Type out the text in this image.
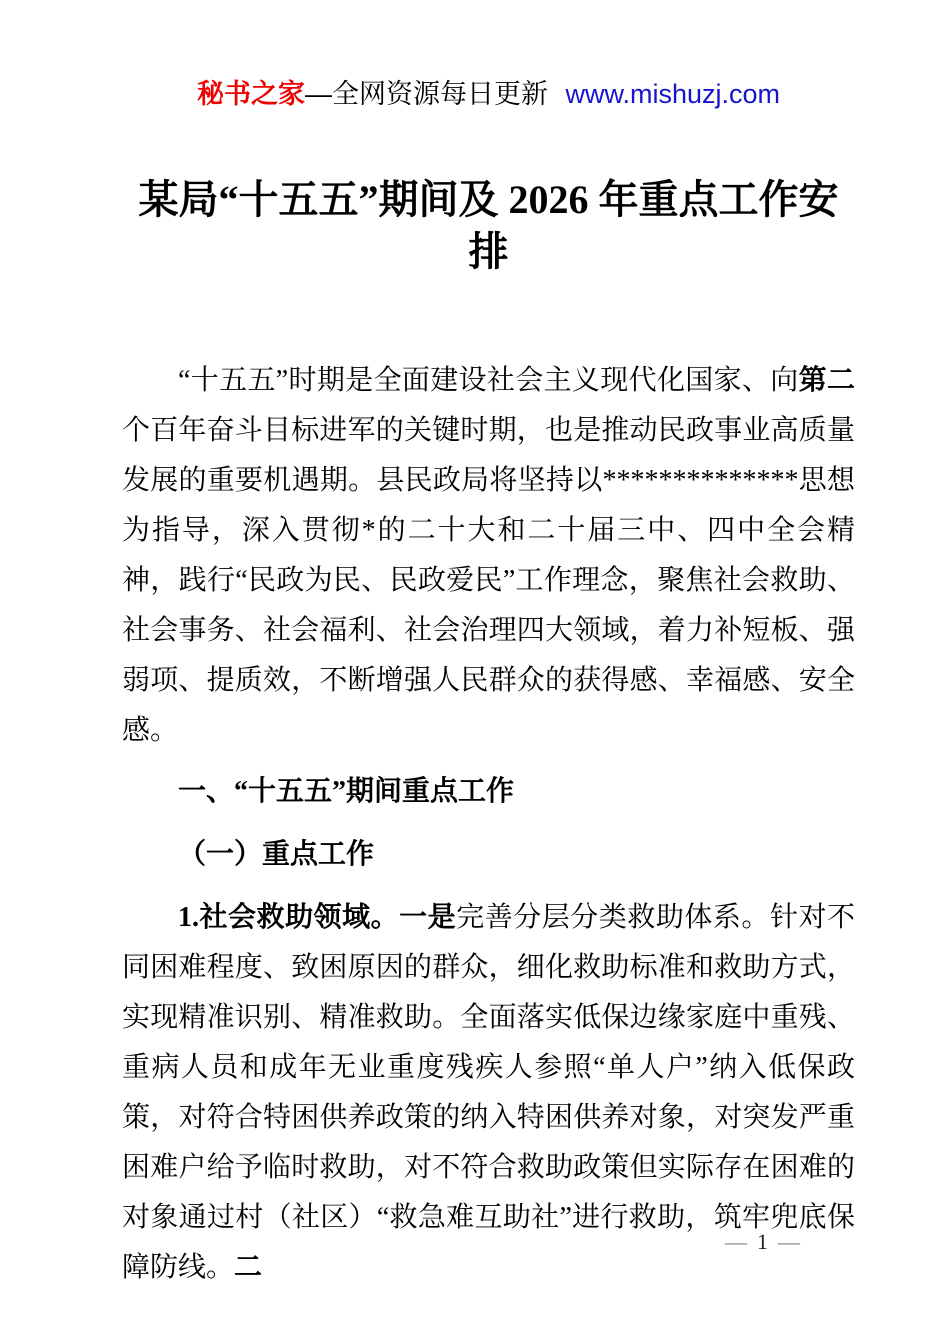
秘书之家—全网资源每日更新 www.mishuzj.com
某局“十五五”期间及 2026 年重点工作安排

“十五五”时期是全面建设社会主义现代化国家、向第二个百年奋斗目标进军的关键时期，也是推动民政事业高质量发展的重要机遇期。县民政局将坚持以**************思想为指导，深入贯彻*的二十大和二十届三中、四中全会精神，践行“民政为民、民政爱民”工作理念，聚焦社会救助、社会事务、社会福利、社会治理四大领域，着力补短板、强弱项、提质效，不断增强人民群众的获得感、幸福感、安全感。

一、“十五五”期间重点工作

（一）重点工作

1.社会救助领域。一是完善分层分类救助体系。针对不同困难程度、致困原因的群众，细化救助标准和救助方式，实现精准识别、精准救助。全面落实低保边缘家庭中重残、重病人员和成年无业重度残疾人参照“单人户”纳入低保政策，对符合特困供养政策的纳入特困供养对象，对突发严重困难户给予临时救助，对不符合救助政策但实际存在困难的对象通过村（社区）“救急难互助社”进行救助，筑牢兜底保障防线。二

— 1 —
